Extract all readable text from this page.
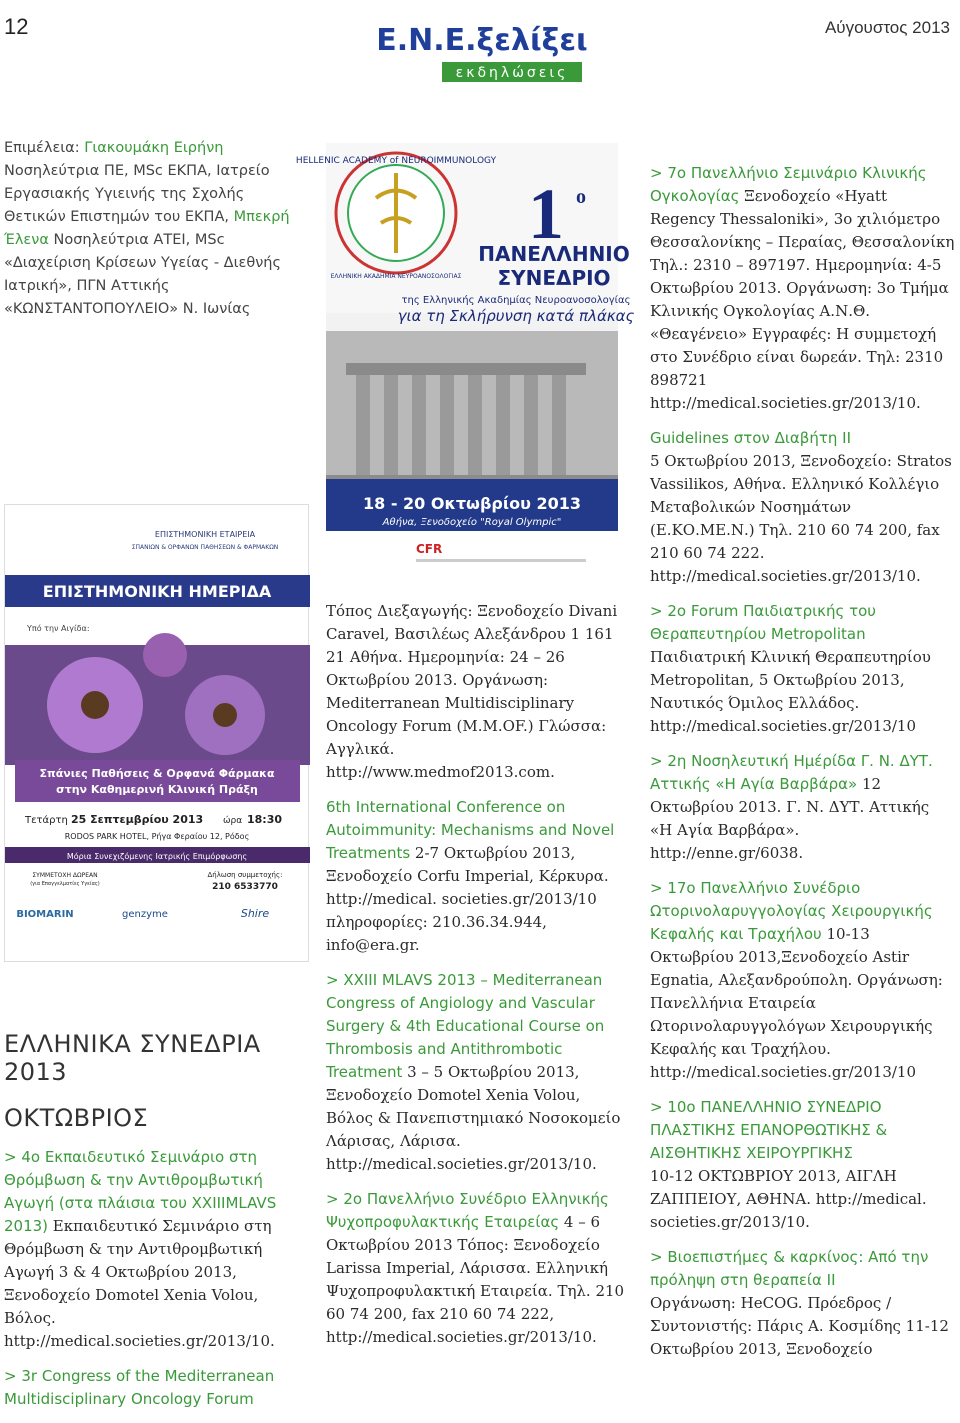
12	Αύγουστος 2013
Ε.Ν.Ε.ξελίξει
εκδηλώσεις
Επιμέλεια: Γιακουμάκη Ειρήνη Νοσηλεύτρια ΠΕ, MSc ΕΚΠΑ, Ιατρείο Εργασιακής Υγιεινής της Σχολής Θετικών Επιστημών του ΕΚΠΑ, Μπεκρή Έλενα Νοσηλεύτρια ΑΤΕΙ, MSc «Διαχείριση Κρίσεων Υγείας - Διεθνής Ιατρική», ΠΓΝ Αττικής «ΚΩΝΣΤΑΝΤΟΠΟΥΛΕΙΟ» Ν. Ιωνίας
HELLENIC ACADEMY of NEUROIMMUNOLOGY
ΕΛΛΗΝΙΚΗ ΑΚΑΔΗΜΙΑ ΝΕΥΡΟΑΝΟΣΟΛΟΓΙΑΣ
1 ο
ΠΑΝΕΛΛΗΝΙΟ
ΣΥΝΕΔΡΙΟ
της Ελληνικής Ακαδημίας Νευροανοσολογίας
για τη Σκλήρυνση κατά πλάκας
18 - 20 Οκτωβρίου 2013
Αθήνα, Ξενοδοχείο "Royal Olympic"
CFR
ΕΠΙΣΤΗΜΟΝΙΚΗ ΕΤΑΙΡΕΙΑ
ΣΠΑΝΙΩΝ & ΟΡΦΑΝΩΝ ΠΑΘΗΣΕΩΝ & ΦΑΡΜΑΚΩΝ
ΕΠΙΣΤΗΜΟΝΙΚΗ ΗΜΕΡΙΔΑ
Υπό την Αιγίδα:
Σπάνιες Παθήσεις & Ορφανά Φάρμακα
στην Καθημερινή Κλινική Πράξη
Τετάρτη 25 Σεπτεμβρίου 2013 ώρα 18:30
RODOS PARK HOTEL, Ρήγα Φεραίου 12, Ρόδος
Μόρια Συνεχιζόμενης Ιατρικής Επιμόρφωσης
ΣΥΜΜΕΤΟΧΗ ΔΩΡΕΑΝ
(για Επαγγελματίες Υγείας)
Δήλωση συμμετοχής:
210 6533770
BIOMARIN	genzyme	Shire
ΕΛΛΗΝΙΚΑ ΣΥΝΕΔΡΙΑ 2013
ΟΚΤΩΒΡΙΟΣ

> 4ο Εκπαιδευτικό Σεμινάριο στη Θρόμβωση & την Αντιθρομβωτική Αγωγή (στα πλάισια του XXIIIMLAVS 2013) Εκπαιδευτικό Σεμινάριο στη Θρόμβωση & την Αντιθρομβωτική Αγωγή 3 & 4 Οκτωβρίου 2013, Ξενοδοχείο Domotel Xenia Volou, Βόλος. http://medical.societies.gr/2013/10.

> 3r Congress of the Mediterranean Multidisciplinary Oncology Forum

Τόπος Διεξαγωγής: Ξενοδοχείο Divani Caravel, Βασιλέως Αλεξάνδρου 1 161 21 Αθήνα. Ημερομηνία: 24 – 26 Οκτωβρίου 2013. Οργάνωση: Mediterranean Multidisciplinary Oncology Forum (M.M.OF.) Γλώσσα: Αγγλικά. http://www.medmof2013.com.

6th International Conference on Autoimmunity: Mechanisms and Novel Treatments 2-7 Οκτωβρίου 2013, Ξενοδοχείο Corfu Imperial, Κέρκυρα. http://medical. societies.gr/2013/10 πληροφορίες: 210.36.34.944, info@era.gr.

> XXIII MLAVS 2013 – Mediterranean Congress of Angiology and Vascular Surgery & 4th Educational Course on Thrombosis and Antithrombotic Treatment 3 – 5 Οκτωβρίου 2013, Ξενοδοχείο Domotel Xenia Volou, Βόλος & Πανεπιστημιακό Νοσοκομείο Λάρισας, Λάρισα. http://medical.societies.gr/2013/10.

> 2ο Πανελλήνιο Συνέδριο Ελληνικής Ψυχοπροφυλακτικής Εταιρείας 4 – 6 Οκτωβρίου 2013 Τόπος: Ξενοδοχείο Larissa Imperial, Λάρισσα. Ελληνική Ψυχοπροφυλακτική Εταιρεία. Τηλ. 210 60 74 200, fax 210 60 74 222, http://medical.societies.gr/2013/10.

> 7ο Πανελλήνιο Σεμινάριο Κλινικής Ογκολογίας Ξενοδοχείο «Hyatt Regency Thessaloniki», 3ο χιλιόμετρο Θεσσαλονίκης – Περαίας, Θεσσαλονίκη Τηλ.: 2310 – 897197. Ημερομηνία: 4-5 Οκτωβρίου 2013. Οργάνωση: 3ο Τμήμα Κλινικής Ογκολογίας Α.Ν.Θ. «Θεαγένειο» Εγγραφές: Η συμμετοχή στο Συνέδριο είναι δωρεάν. Τηλ: 2310 898721 http://medical.societies.gr/2013/10.

Guidelines στον Διαβήτη ΙΙ
5 Οκτωβρίου 2013, Ξενοδοχείο: Stratos Vassilikos, Αθήνα. Ελληνικό Κολλέγιο Μεταβολικών Νοσημάτων (Ε.ΚΟ.ΜΕ.Ν.) Τηλ. 210 60 74 200, fax 210 60 74 222. http://medical.societies.gr/2013/10.

> 2o Forum Παιδιατρικής του Θεραπευτηρίου Metropolitan Παιδιατρική Κλινική Θεραπευτηρίου Metropolitan, 5 Οκτωβρίου 2013, Ναυτικός Όμιλος Ελλάδος. http://medical.societies.gr/2013/10

> 2η Νοσηλευτική Ημέρίδα Γ. Ν. ΔΥΤ. Αττικής «Η Αγία Βαρβάρα» 12 Οκτωβρίου 2013. Γ. Ν. ΔΥΤ. Αττικής «Η Αγία Βαρβάρα». http://enne.gr/6038.

> 17ο Πανελλήνιο Συνέδριο Ωτορινολαρυγγολογίας Χειρουργικής Κεφαλής και Τραχήλου 10-13 Οκτωβρίου 2013,Ξενοδοχείο Astir Egnatia, Αλεξανδρούπολη. Οργάνωση: Πανελλήνια Εταιρεία Ωτορινολαρυγγολόγων Χειρουργικής Κεφαλής και Τραχήλου. http://medical.societies.gr/2013/10

> 10ο ΠΑΝΕΛΛΗΝΙΟ ΣΥΝΕΔΡΙΟ ΠΛΑΣΤΙΚΗΣ ΕΠΑΝΟΡΘΩΤΙΚΗΣ & ΑΙΣΘΗΤΙΚΗΣ ΧΕΙΡΟΥΡΓΙΚΗΣ
10-12 ΟΚΤΩΒΡΙΟΥ 2013, ΑΙΓΛΗ ΖΑΠΠΕΙΟΥ, ΑΘΗΝΑ. http://medical. societies.gr/2013/10.

> Βιοεπιστήμες & καρκίνος: Από την πρόληψη στη θεραπεία ΙΙ
Οργάνωση: HeCOG. Πρόεδρος / Συντονιστής: Πάρις Α. Κοσμίδης 11-12 Οκτωβρίου 2013, Ξενοδοχείο
